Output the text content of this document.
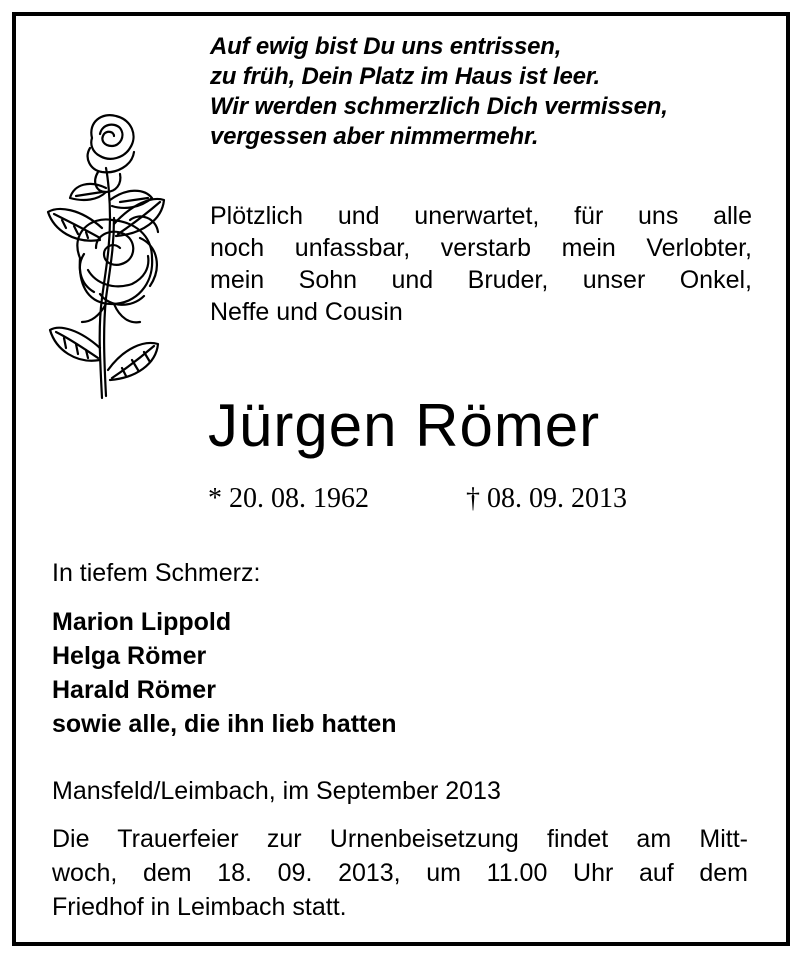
Auf ewig bist Du uns entrissen,
zu früh, Dein Platz im Haus ist leer.
Wir werden schmerzlich Dich vermissen,
vergessen aber nimmermehr.
Plötzlich und unerwartet, für uns alle
noch unfassbar, verstarb mein Verlobter,
mein Sohn und Bruder, unser Onkel,
Neffe und Cousin
Jürgen Römer
* 20. 08. 1962	† 08. 09. 2013
In tiefem Schmerz:
Marion Lippold
Helga Römer
Harald Römer
sowie alle, die ihn lieb hatten
Mansfeld/Leimbach, im September 2013
Die Trauerfeier zur Urnenbeisetzung findet am Mitt-
woch, dem 18. 09. 2013, um 11.00 Uhr auf dem
Friedhof in Leimbach statt.
